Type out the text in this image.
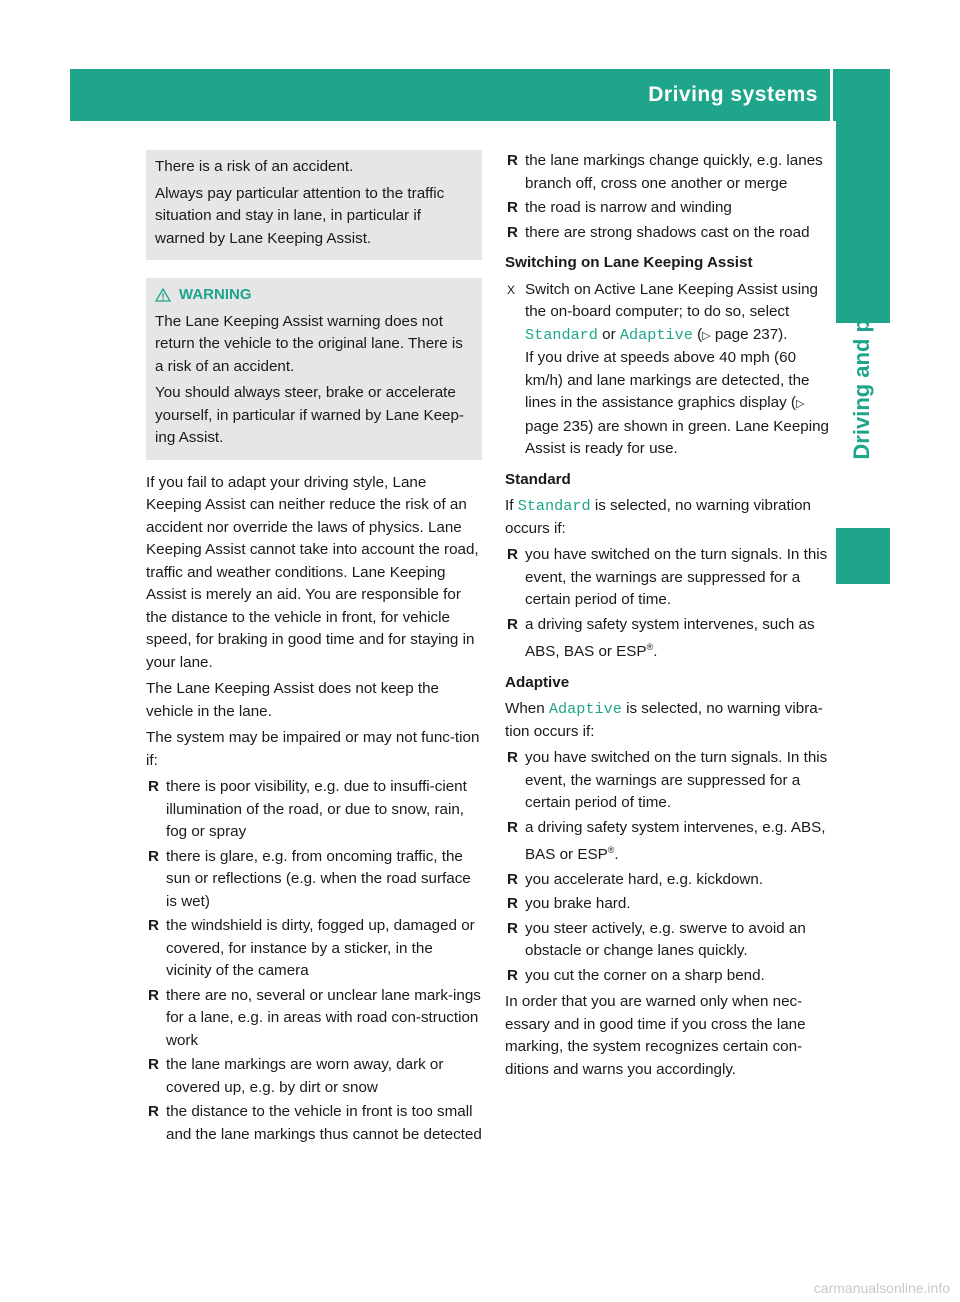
Driving systems
Driving and parking

There is a risk of an accident.

Always pay particular attention to the traffic situation and stay in lane, in particular if warned by Lane Keeping Assist.

WARNING

The Lane Keeping Assist warning does not return the vehicle to the original lane. There is a risk of an accident.

You should always steer, brake or accelerate yourself, in particular if warned by Lane Keep-ing Assist.

If you fail to adapt your driving style, Lane Keeping Assist can neither reduce the risk of an accident nor override the laws of physics. Lane Keeping Assist cannot take into account the road, traffic and weather conditions. Lane Keeping Assist is merely an aid. You are responsible for the distance to the vehicle in front, for vehicle speed, for braking in good time and for staying in your lane.

The Lane Keeping Assist does not keep the vehicle in the lane.

The system may be impaired or may not func-tion if:

R there is poor visibility, e.g. due to insuffi-cient illumination of the road, or due to snow, rain, fog or spray
R there is glare, e.g. from oncoming traffic, the sun or reflections (e.g. when the road surface is wet)
R the windshield is dirty, fogged up, damaged or covered, for instance by a sticker, in the vicinity of the camera
R there are no, several or unclear lane mark-ings for a lane, e.g. in areas with road con-struction work
R the lane markings are worn away, dark or covered up, e.g. by dirt or snow
R the distance to the vehicle in front is too small and the lane markings thus cannot be detected
R the lane markings change quickly, e.g. lanes branch off, cross one another or merge
R the road is narrow and winding
R there are strong shadows cast on the road
Switching on Lane Keeping Assist
X Switch on Active Lane Keeping Assist using the on-board computer; to do so, select Standard or Adaptive (▷ page 237).
If you drive at speeds above 40 mph (60 km/h) and lane markings are detected, the lines in the assistance graphics display (▷ page 235) are shown in green. Lane Keeping Assist is ready for use.
Standard

If Standard is selected, no warning vibration occurs if:

R you have switched on the turn signals. In this event, the warnings are suppressed for a certain period of time.
R a driving safety system intervenes, such as ABS, BAS or ESP®.
Adaptive

When Adaptive is selected, no warning vibra-tion occurs if:

R you have switched on the turn signals. In this event, the warnings are suppressed for a certain period of time.
R a driving safety system intervenes, e.g. ABS, BAS or ESP®.
R you accelerate hard, e.g. kickdown.
R you brake hard.
R you steer actively, e.g. swerve to avoid an obstacle or change lanes quickly.
R you cut the corner on a sharp bend.

In order that you are warned only when nec-essary and in good time if you cross the lane marking, the system recognizes certain con-ditions and warns you accordingly.

carmanualsonline.info
